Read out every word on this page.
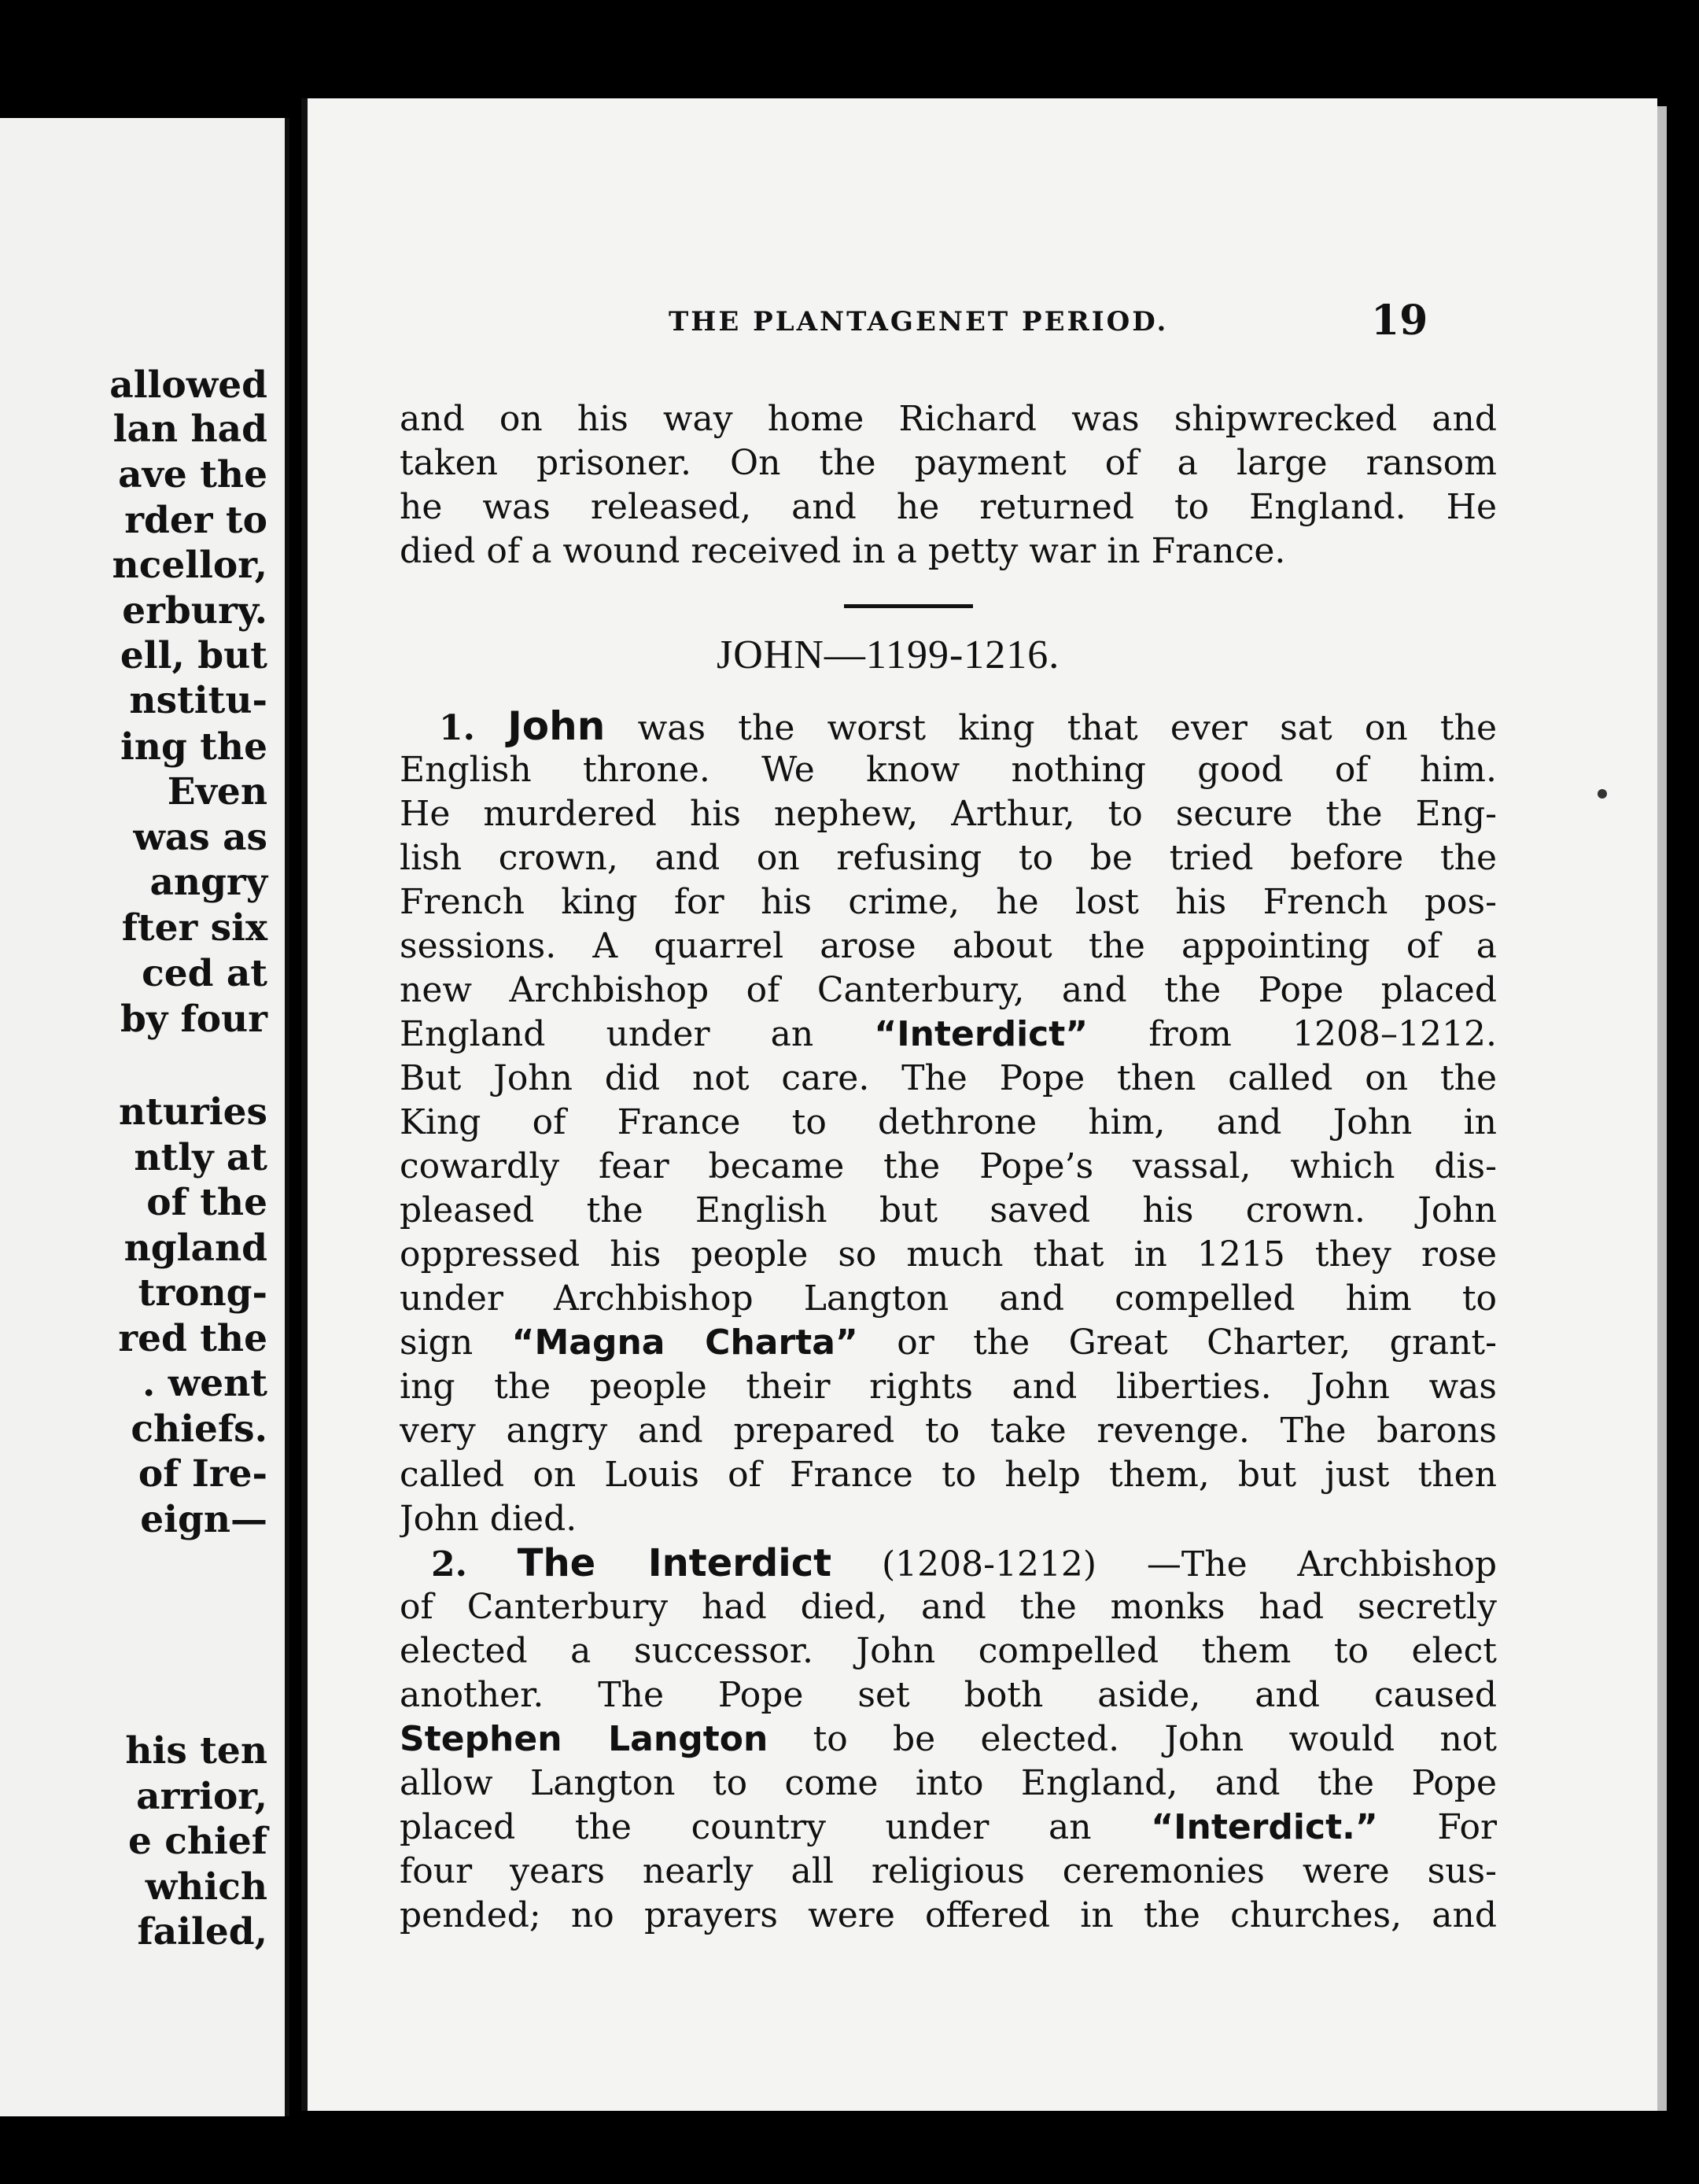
allowed
lan had
ave the
rder to
ncellor,
erbury.
ell, but
nstitu-
ing the
Even
was as
angry
fter six
ced at
by four
nturies
ntly at
of the
ngland
trong-
red the
. went
chiefs.
of Ire-
eign—
his ten
arrior,
e chief
which
failed,
THE PLANTAGENET PERIOD.	19
and on his way home Richard was shipwrecked and
taken prisoner. On the payment of a large ransom
he was released, and he returned to England. He
died of a wound received in a petty war in France.
JOHN—1199-1216.
1. John was the worst king that ever sat on the
English throne. We know nothing good of him.
He murdered his nephew, Arthur, to secure the Eng-
lish crown, and on refusing to be tried before the
French king for his crime, he lost his French pos-
sessions. A quarrel arose about the appointing of a
new Archbishop of Canterbury, and the Pope placed
England under an “Interdict” from 1208–1212.
But John did not care. The Pope then called on the
King of France to dethrone him, and John in
cowardly fear became the Pope’s vassal, which dis-
pleased the English but saved his crown. John
oppressed his people so much that in 1215 they rose
under Archbishop Langton and compelled him to
sign “Magna Charta” or the Great Charter, grant-
ing the people their rights and liberties. John was
very angry and prepared to take revenge. The barons
called on Louis of France to help them, but just then
John died.
2. The Interdict (1208-1212) —The Archbishop
of Canterbury had died, and the monks had secretly
elected a successor. John compelled them to elect
another. The Pope set both aside, and caused
Stephen Langton to be elected. John would not
allow Langton to come into England, and the Pope
placed the country under an “Interdict.” For
four years nearly all religious ceremonies were sus-
pended; no prayers were offered in the churches, and
